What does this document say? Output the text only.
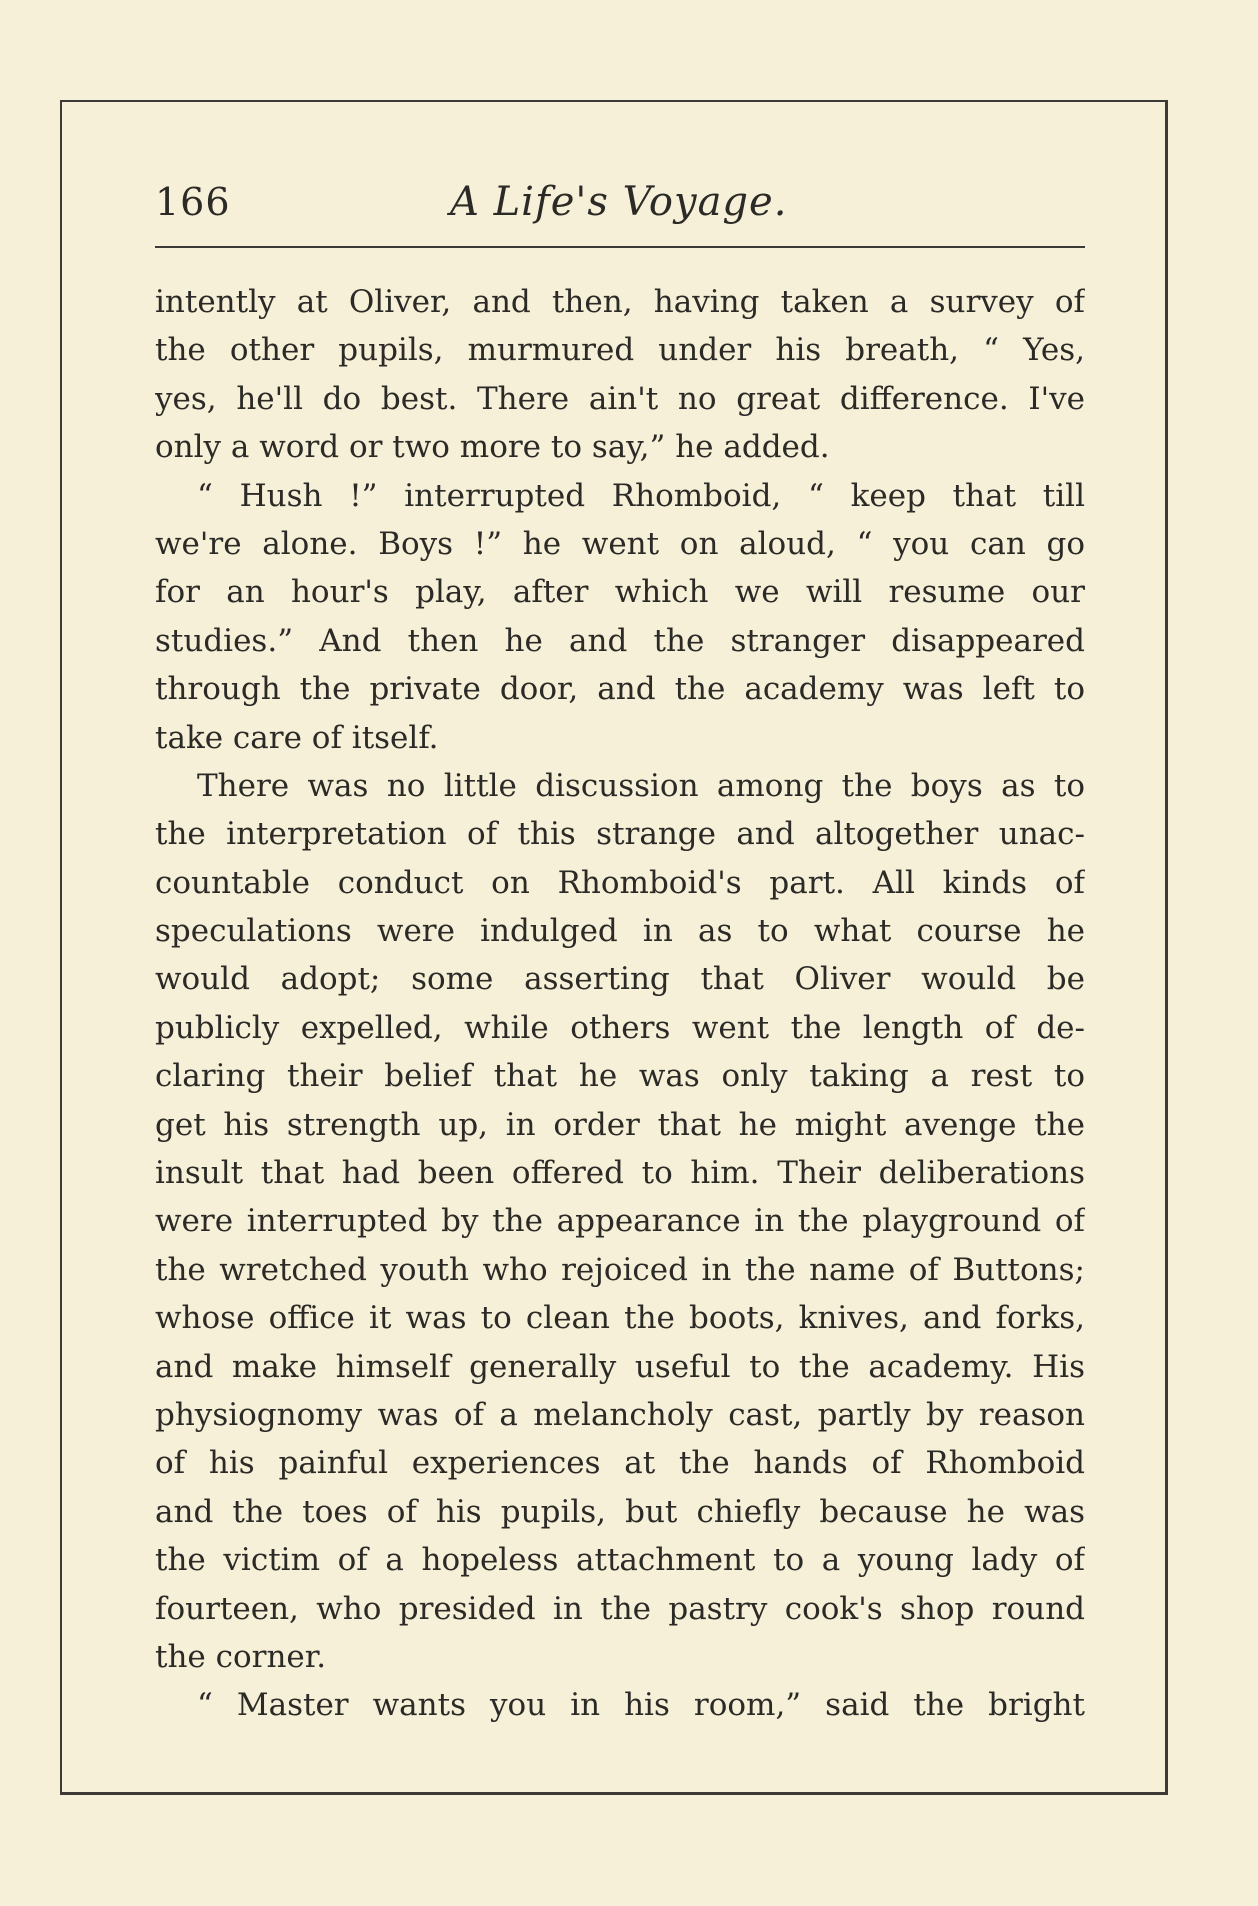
166	A Life's Voyage.
intently at Oliver, and then, having taken a survey of
the other pupils, murmured under his breath, “ Yes,
yes, he'll do best. There ain't no great difference. I've
only a word or two more to say,” he added.
“ Hush !” interrupted Rhomboid, “ keep that till
we're alone. Boys !” he went on aloud, “ you can go
for an hour's play, after which we will resume our
studies.” And then he and the stranger disappeared
through the private door, and the academy was left to
take care of itself.
There was no little discussion among the boys as to
the interpretation of this strange and altogether unac-
countable conduct on Rhomboid's part. All kinds of
speculations were indulged in as to what course he
would adopt; some asserting that Oliver would be
publicly expelled, while others went the length of de-
claring their belief that he was only taking a rest to
get his strength up, in order that he might avenge the
insult that had been offered to him. Their deliberations
were interrupted by the appearance in the playground of
the wretched youth who rejoiced in the name of Buttons;
whose office it was to clean the boots, knives, and forks,
and make himself generally useful to the academy. His
physiognomy was of a melancholy cast, partly by reason
of his painful experiences at the hands of Rhomboid
and the toes of his pupils, but chiefly because he was
the victim of a hopeless attachment to a young lady of
fourteen, who presided in the pastry cook's shop round
the corner.
“ Master wants you in his room,” said the bright
